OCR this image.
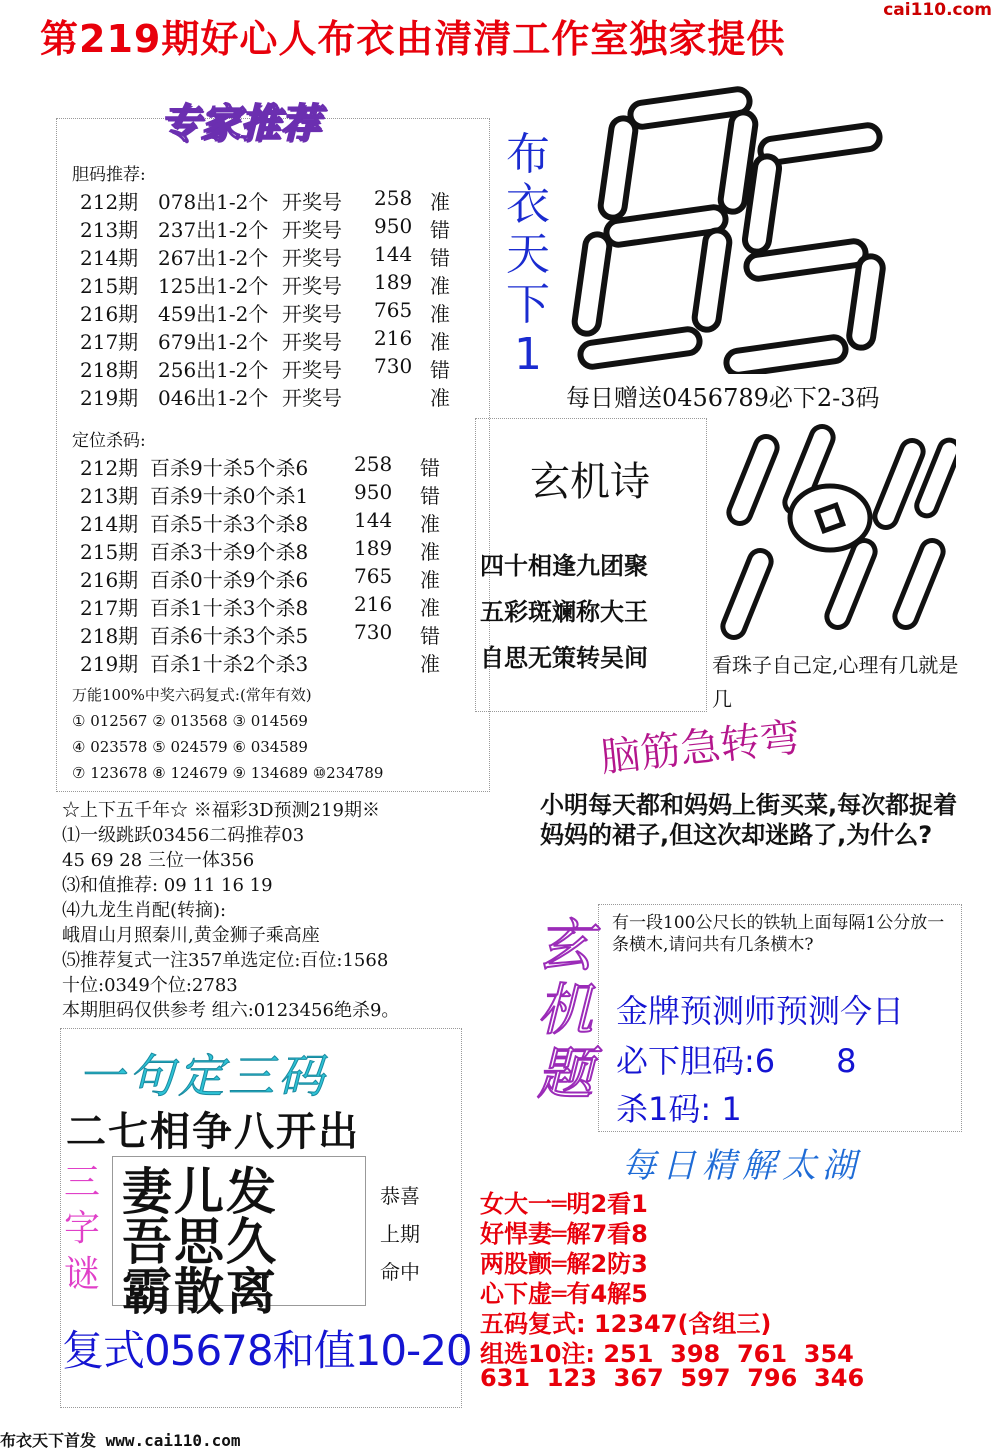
第219期好心人布衣由清清工作室独家提供
cai110.com
专家推荐
胆码推荐:
212期 078出1-2个 开奖号 258 准
213期 237出1-2个 开奖号 950 错
214期 267出1-2个 开奖号 144 错
215期 125出1-2个 开奖号 189 准
216期 459出1-2个 开奖号 765 准
217期 679出1-2个 开奖号 216 准
218期 256出1-2个 开奖号 730 错
219期 046出1-2个 开奖号	准
定位杀码:
212期 百杀9十杀5个杀6 258 错
213期 百杀9十杀0个杀1 950 错
214期 百杀5十杀3个杀8 144 准
215期 百杀3十杀9个杀8 189 准
216期 百杀0十杀9个杀6 765 准
217期 百杀1十杀3个杀8 216 准
218期 百杀6十杀3个杀5 730 错
219期 百杀1十杀2个杀3	准
万能100%中奖六码复式:(常年有效)
① 012567 ② 013568 ③ 014569
④ 023578 ⑤ 024579 ⑥ 034589
⑦ 123678 ⑧ 124679 ⑨ 134689 ⑩234789
☆上下五千年☆ ※福彩3D预测219期※
⑴一级跳跃03456二码推荐03
45 69 28 三位一体356
⑶和值推荐: 09 11 16 19
⑷九龙生肖配(转摘):
峨眉山月照秦川,黄金狮子乘高座
⑸推荐复式一注357单选定位:百位:1568
十位:0349个位:2783
本期胆码仅供参考 组六:0123456绝杀9。
一句定三码
二七相争八开出
三字谜
妻儿发
吾思久
霸散离
恭喜
上期
命中
复式05678和值10-20
布
衣
天
下
1
每日赠送0456789必下2-3码
玄机诗
四十相逢九团聚
五彩斑斓称大王
自思无策转吴间	看珠子自己定,心理有几就是几
脑筋急转弯
小明每天都和妈妈上街买菜,每次都捉着妈妈的裙子,但这次却迷路了,为什么?
玄
机
题
有一段100公尺长的铁轨上面每隔1公分放一条横木,请问共有几条横木?
金牌预测师预测今日
必下胆码:6      8
杀1码: 1
每日精解太湖
女大一═明2看1
好悍妻═解7看8
两股颤═解2防3
心下虚═有4解5
五码复式: 12347(含组三)
组选10注: 251  398  761  354
631  123  367  597  796  346
布衣天下首发 www.cai110.com
